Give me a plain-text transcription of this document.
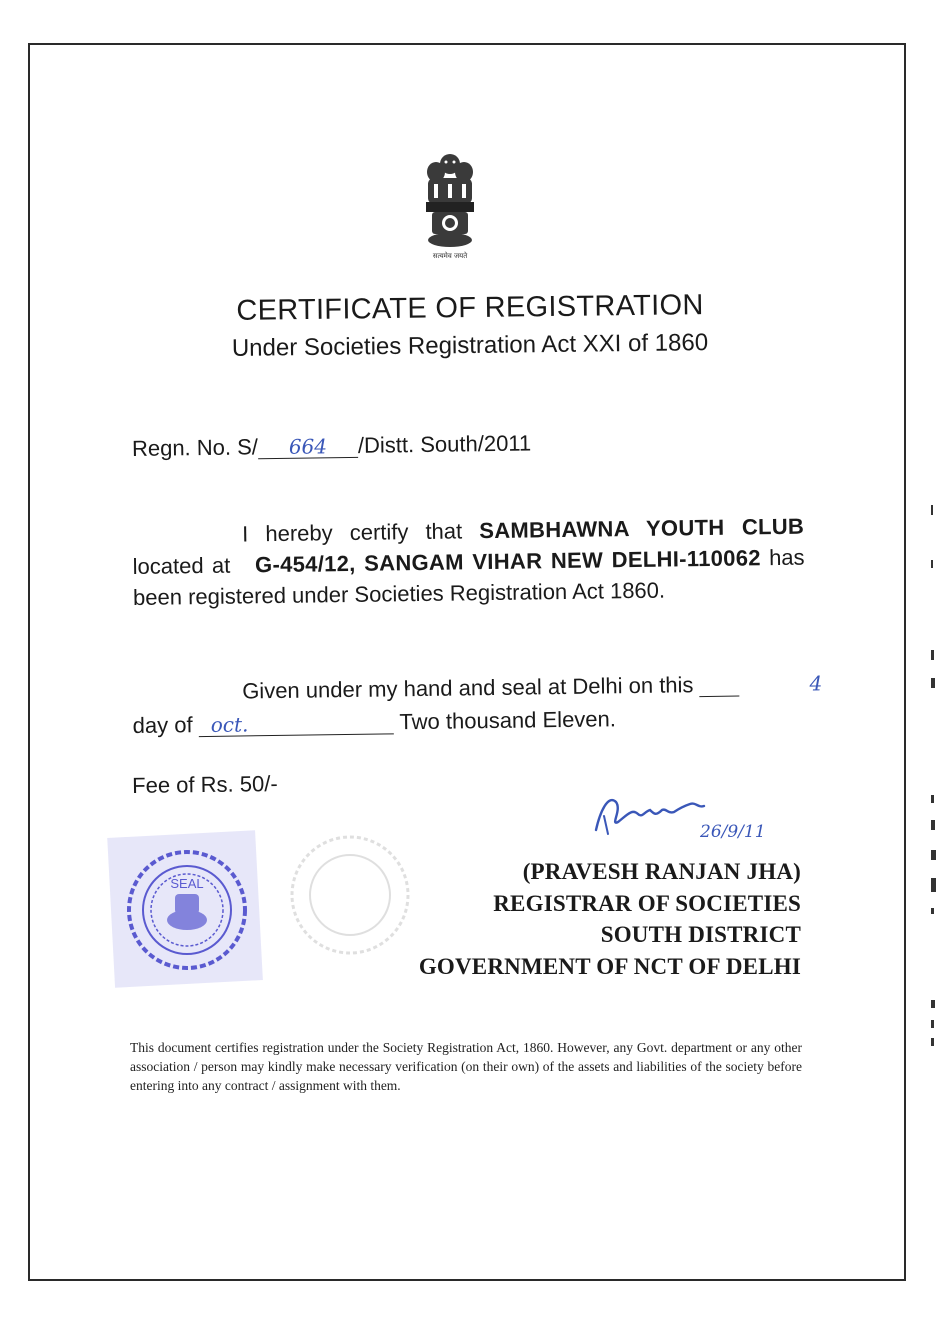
सत्यमेव जयते
CERTIFICATE OF REGISTRATION
Under Societies Registration Act XXI of 1860
Regn. No. S/ 664 /Distt. South/2011

I hereby certify that SAMBHAWNA YOUTH CLUB located at G-454/12, SANGAM VIHAR NEW DELHI-110062 has been registered under Societies Registration Act 1860.

Given under my hand and seal at Delhi on this	4

day of oct.	Two thousand Eleven.

Fee of Rs. 50/-
SEAL
26/9/11
(PRAVESH RANJAN JHA)
REGISTRAR OF SOCIETIES
SOUTH DISTRICT
GOVERNMENT OF NCT OF DELHI
This document certifies registration under the Society Registration Act, 1860. However, any Govt. department or any other association / person may kindly make necessary verification (on their own) of the assets and liabilities of the society before entering into any contract / assignment with them.
